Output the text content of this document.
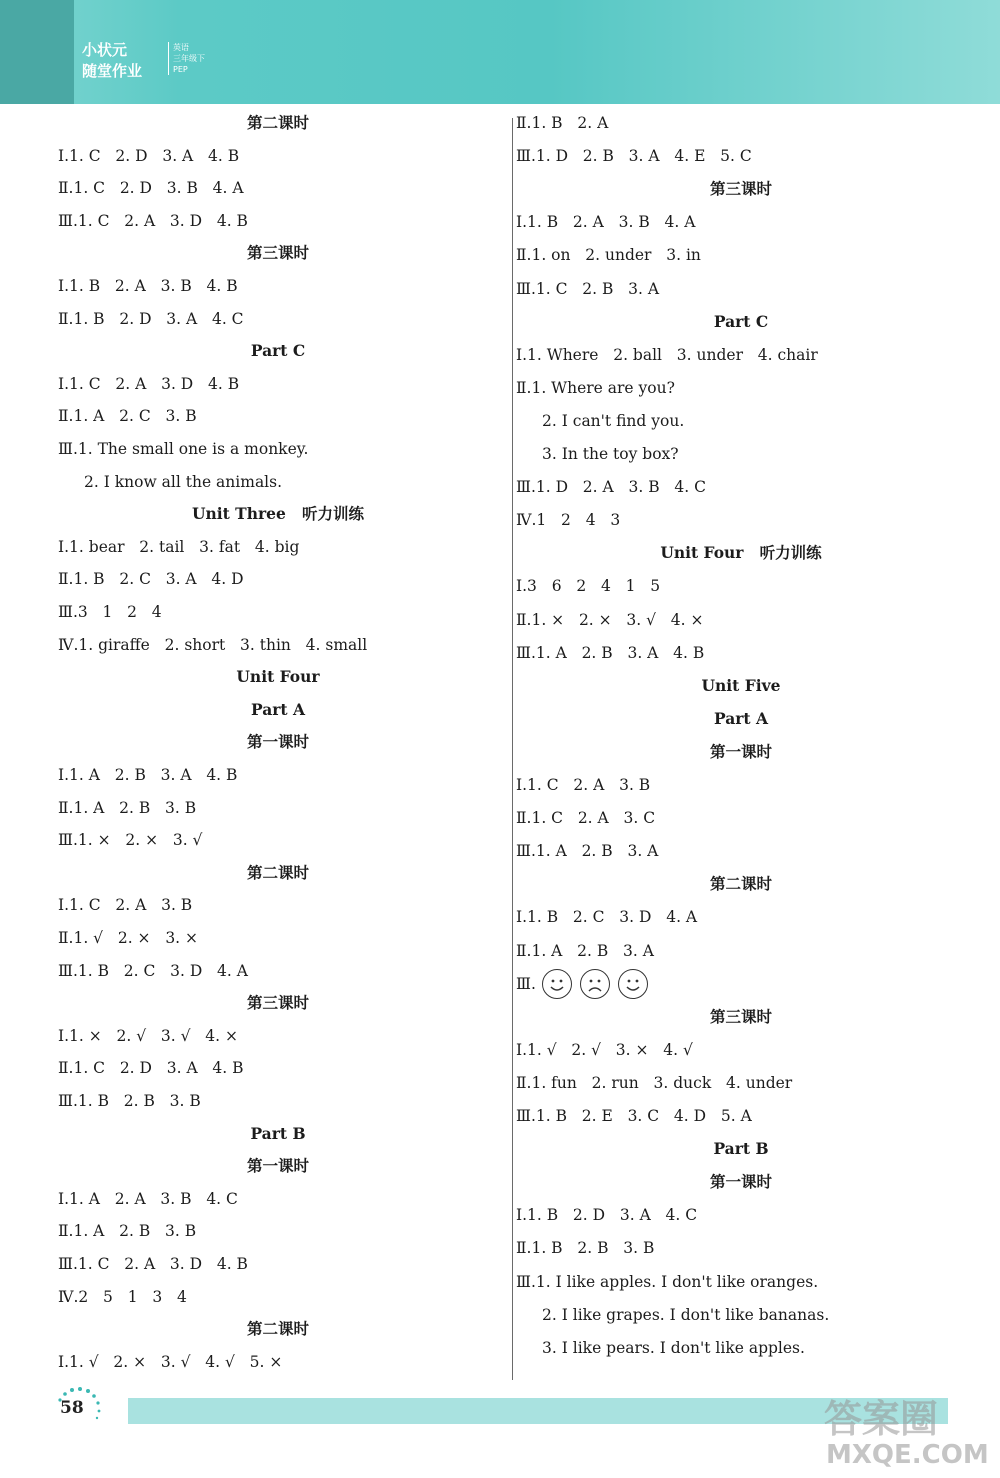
小状元
随堂作业
英语
三年级下
PEP
第二课时
Ⅰ.1. C   2. D   3. A   4. B
Ⅱ.1. C   2. D   3. B   4. A
Ⅲ.1. C   2. A   3. D   4. B
第三课时
Ⅰ.1. B   2. A   3. B   4. B
Ⅱ.1. B   2. D   3. A   4. C
Part C
Ⅰ.1. C   2. A   3. D   4. B
Ⅱ.1. A   2. C   3. B
Ⅲ.1. The small one is a monkey.
2. I know all the animals.
Unit Three   听力训练
Ⅰ.1. bear   2. tail   3. fat   4. big
Ⅱ.1. B   2. C   3. A   4. D
Ⅲ.3   1   2   4
Ⅳ.1. giraffe   2. short   3. thin   4. small
Unit Four
Part A
第一课时
Ⅰ.1. A   2. B   3. A   4. B
Ⅱ.1. A   2. B   3. B
Ⅲ.1. ×   2. ×   3. √
第二课时
Ⅰ.1. C   2. A   3. B
Ⅱ.1. √   2. ×   3. ×
Ⅲ.1. B   2. C   3. D   4. A
第三课时
Ⅰ.1. ×   2. √   3. √   4. ×
Ⅱ.1. C   2. D   3. A   4. B
Ⅲ.1. B   2. B   3. B
Part B
第一课时
Ⅰ.1. A   2. A   3. B   4. C
Ⅱ.1. A   2. B   3. B
Ⅲ.1. C   2. A   3. D   4. B
Ⅳ.2   5   1   3   4
第二课时
Ⅰ.1. √   2. ×   3. √   4. √   5. ×
Ⅱ.1. B   2. A
Ⅲ.1. D   2. B   3. A   4. E   5. C
第三课时
Ⅰ.1. B   2. A   3. B   4. A
Ⅱ.1. on   2. under   3. in
Ⅲ.1. C   2. B   3. A
Part C
Ⅰ.1. Where   2. ball   3. under   4. chair
Ⅱ.1. Where are you?
2. I can't find you.
3. In the toy box?
Ⅲ.1. D   2. A   3. B   4. C
Ⅳ.1   2   4   3
Unit Four   听力训练
Ⅰ.3   6   2   4   1   5
Ⅱ.1. ×   2. ×   3. √   4. ×
Ⅲ.1. A   2. B   3. A   4. B
Unit Five
Part A
第一课时
Ⅰ.1. C   2. A   3. B
Ⅱ.1. C   2. A   3. C
Ⅲ.1. A   2. B   3. A
第二课时
Ⅰ.1. B   2. C   3. D   4. A
Ⅱ.1. A   2. B   3. A
Ⅲ.
第三课时
Ⅰ.1. √   2. √   3. ×   4. √
Ⅱ.1. fun   2. run   3. duck   4. under
Ⅲ.1. B   2. E   3. C   4. D   5. A
Part B
第一课时
Ⅰ.1. B   2. D   3. A   4. C
Ⅱ.1. B   2. B   3. B
Ⅲ.1. I like apples. I don't like oranges.
2. I like grapes. I don't like bananas.
3. I like pears. I don't like apples.
58	答案圈
MXQE.COM
